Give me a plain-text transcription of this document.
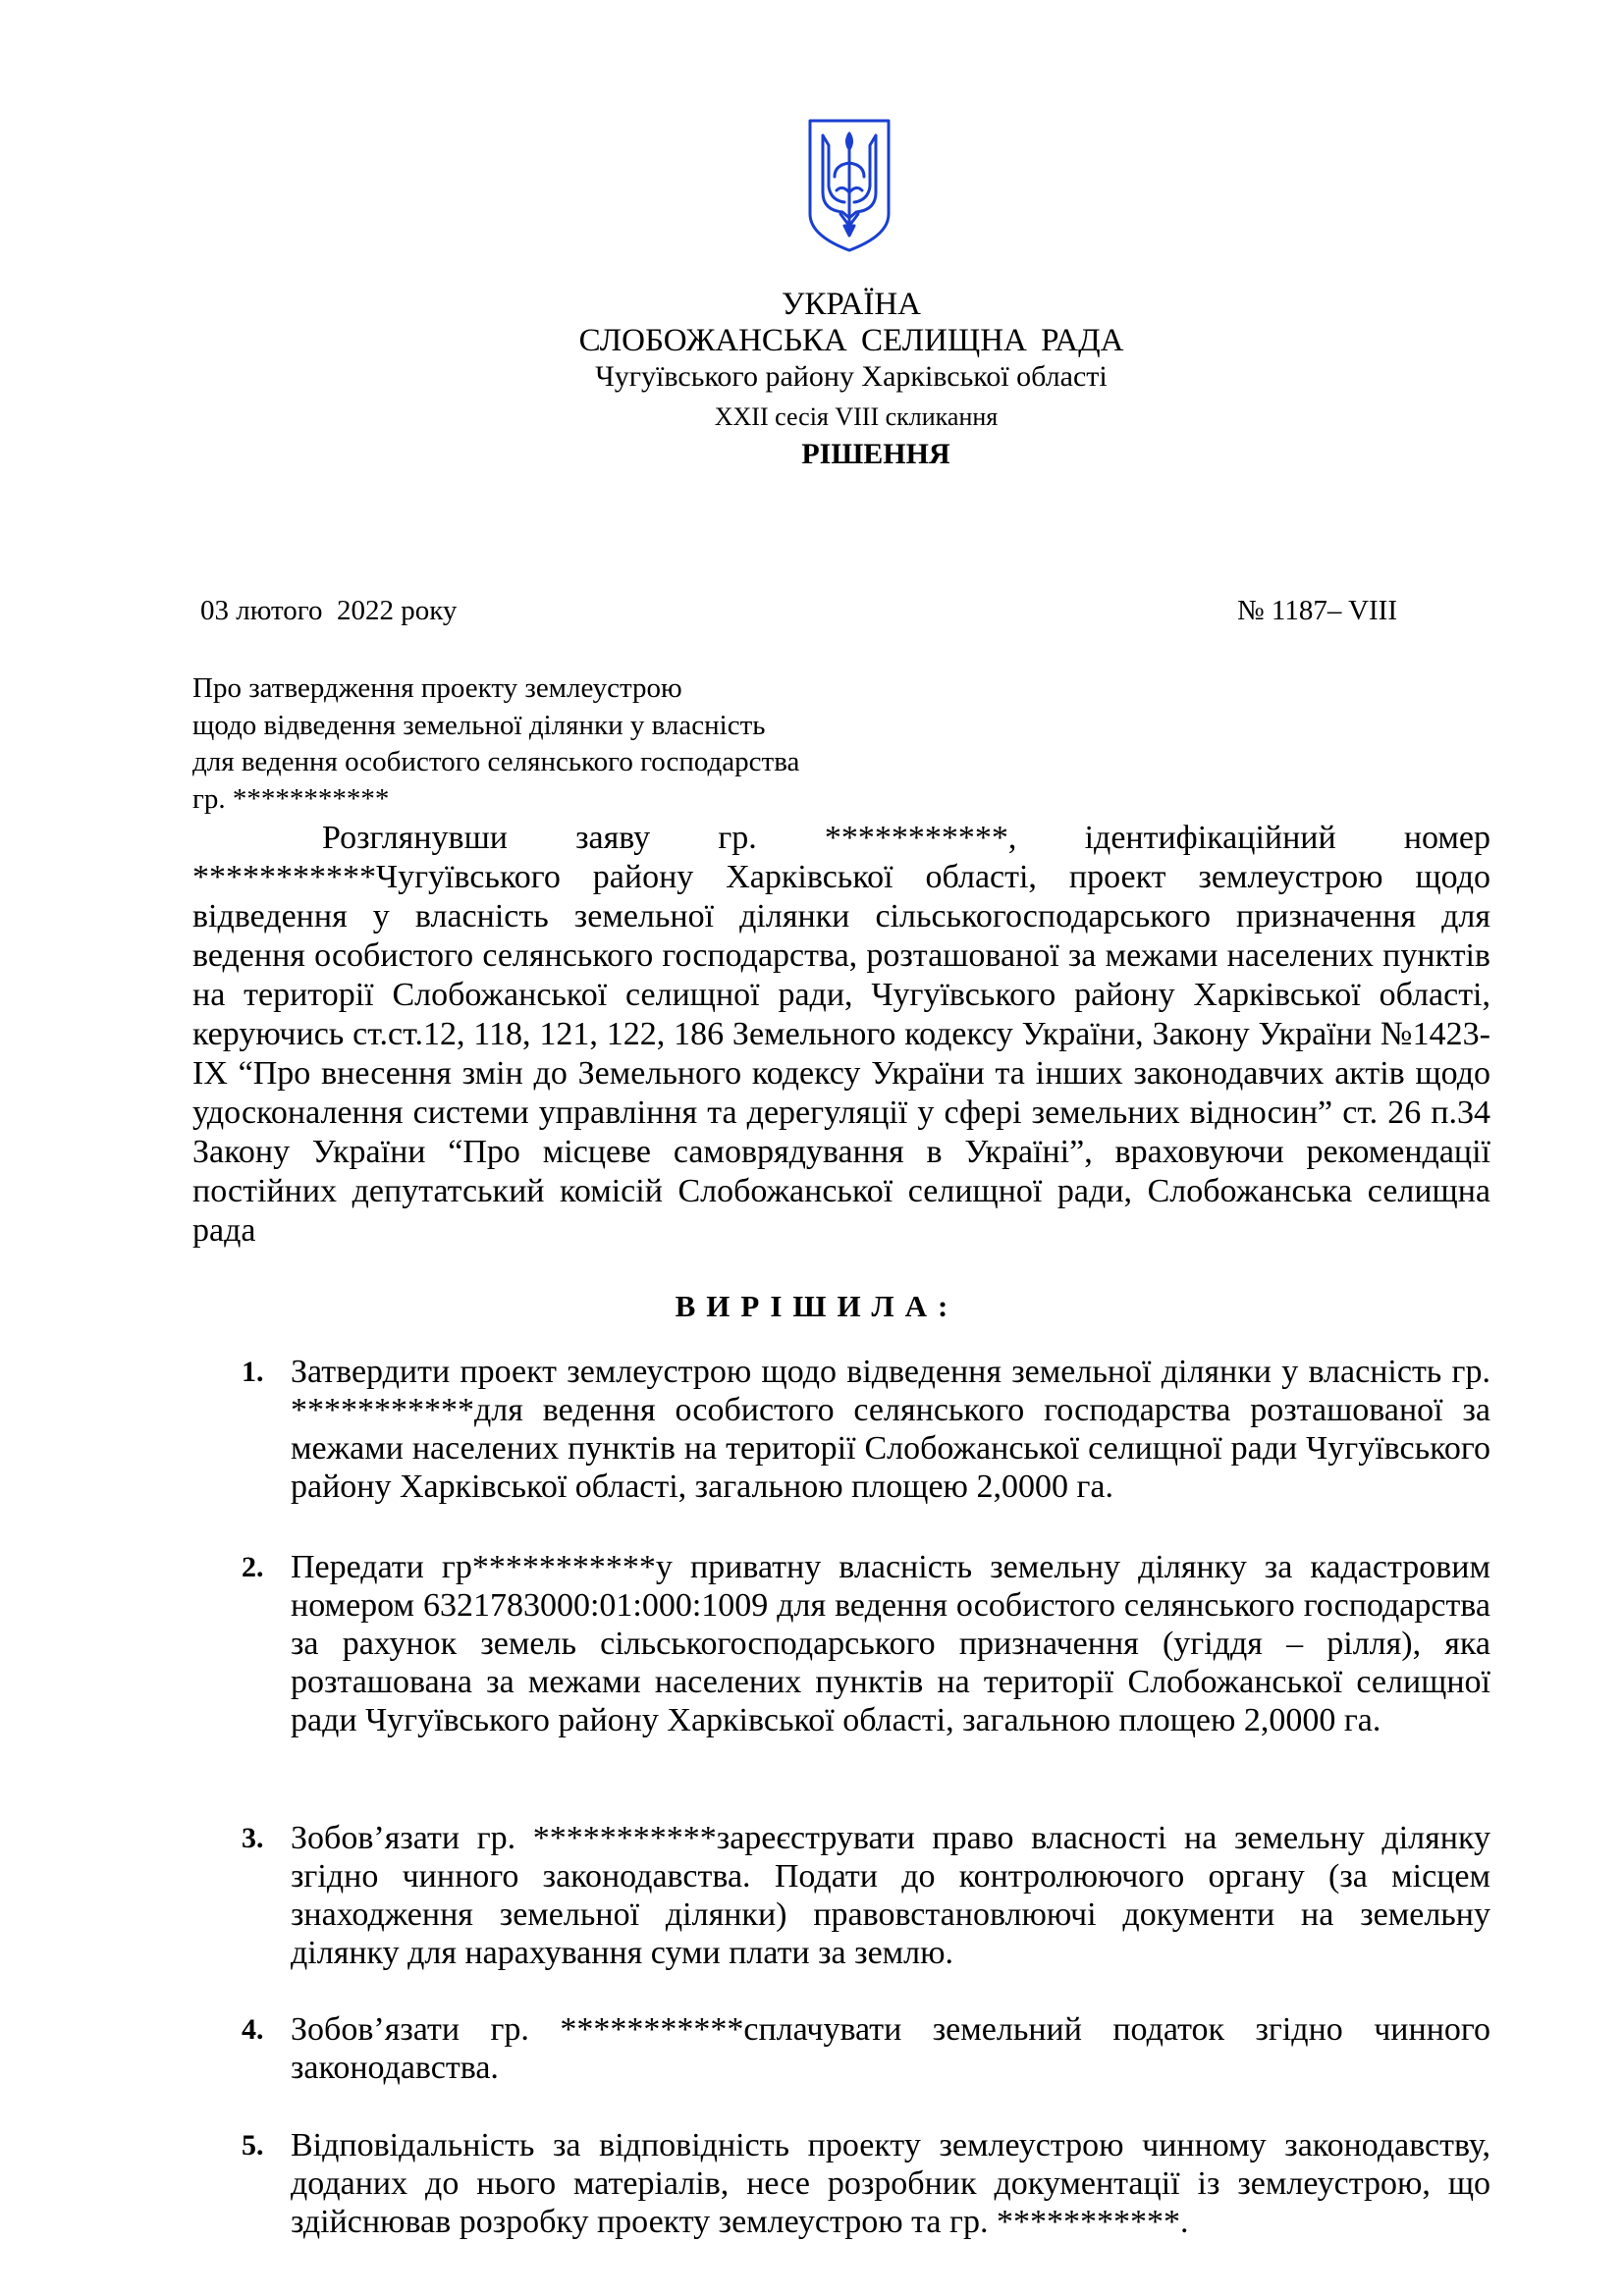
УКРАЇНА
СЛОБОЖАНСЬКА СЕЛИЩНА РАДА
Чугуївського району Харківської області
XXII сесія VIII скликання
РІШЕННЯ
03 лютого  2022 року	№ 1187– VIII
Про затвердження проекту землеустрою
щодо відведення земельної ділянки у власність
для ведення особистого селянського господарства
гр. ***********
Розглянувши заяву гр. ***********, ідентифікаційний номер ***********Чугуївського району Харківської області, проект землеустрою щодо відведення у власність земельної ділянки сільськогосподарського призначення для ведення особистого селянського господарства, розташованої за межами населених пунктів на території Слобожанської селищної ради, Чугуївського району Харківської області, керуючись ст.ст.12, 118, 121, 122, 186 Земельного кодексу України, Закону України №1423-IX “Про внесення змін до Земельного кодексу України та інших законодавчих актів щодо удосконалення системи управління та дерегуляції у сфері земельних відносин” ст. 26 п.34 Закону України “Про місцеве самоврядування в Україні”, враховуючи рекомендації постійних депутатський комісій Слобожанської селищної ради, Слобожанська селищна рада
ВИРІШИЛА:
1. Затвердити проект землеустрою щодо відведення земельної ділянки у власність гр. ***********для ведення особистого селянського господарства розташованої за межами населених пунктів на території Слобожанської селищної ради Чугуївського району Харківської області, загальною площею 2,0000 га.
2. Передати гр***********у приватну власність земельну ділянку за кадастровим номером 6321783000:01:000:1009 для ведення особистого селянського господарства за рахунок земель сільськогосподарського призначення (угіддя – рілля), яка розташована за межами населених пунктів на території Слобожанської селищної ради Чугуївського району Харківської області, загальною площею 2,0000 га.
3. Зобов’язати гр. ***********зареєструвати право власності на земельну ділянку згідно чинного законодавства. Подати до контролюючого органу (за місцем знаходження земельної ділянки) правовстановлюючі документи на земельну ділянку для нарахування суми плати за землю.
4. Зобов’язати гр. ***********сплачувати земельний податок згідно чинного законодавства.
5. Відповідальність за відповідність проекту землеустрою чинному законодавству, доданих до нього матеріалів, несе розробник документації із землеустрою, що здійснював розробку проекту землеустрою та гр. ***********.
